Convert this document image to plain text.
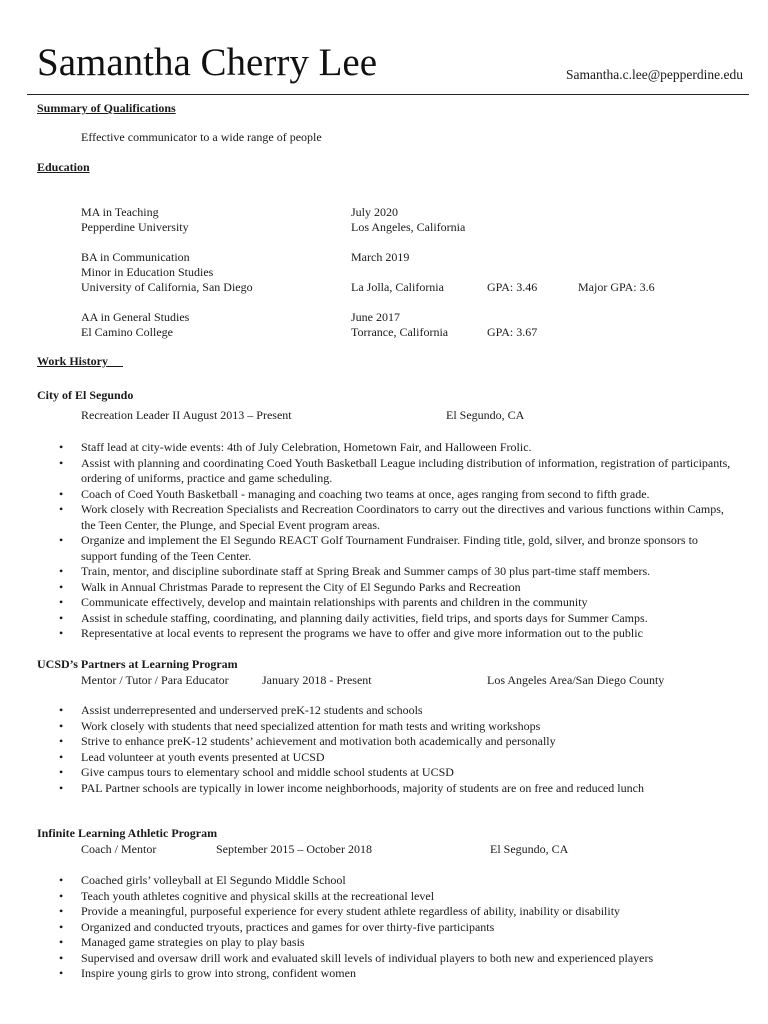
Samantha Cherry Lee	Samantha.c.lee@pepperdine.edu
Summary of Qualifications
Effective communicator to a wide range of people
Education
MA in Teaching	July 2020
Pepperdine University	Los Angeles, California
BA in Communication	March 2019
Minor in Education Studies
University of California, San Diego	La Jolla, California	GPA: 3.46	Major GPA: 3.6
AA in General Studies	June 2017
El Camino College	Torrance, California	GPA: 3.67
Work History
City of El Segundo
Recreation Leader II August 2013 – Present	El Segundo, CA
• Staff lead at city-wide events: 4th of July Celebration, Hometown Fair, and Halloween Frolic.
• Assist with planning and coordinating Coed Youth Basketball League including distribution of information, registration of participants, ordering of uniforms, practice and game scheduling.
• Coach of Coed Youth Basketball - managing and coaching two teams at once, ages ranging from second to fifth grade.
• Work closely with Recreation Specialists and Recreation Coordinators to carry out the directives and various functions within Camps, the Teen Center, the Plunge, and Special Event program areas.
• Organize and implement the El Segundo REACT Golf Tournament Fundraiser. Finding title, gold, silver, and bronze sponsors to support funding of the Teen Center.
• Train, mentor, and discipline subordinate staff at Spring Break and Summer camps of 30 plus part-time staff members.
• Walk in Annual Christmas Parade to represent the City of El Segundo Parks and Recreation
• Communicate effectively, develop and maintain relationships with parents and children in the community
• Assist in schedule staffing, coordinating, and planning daily activities, field trips, and sports days for Summer Camps.
• Representative at local events to represent the programs we have to offer and give more information out to the public
UCSD’s Partners at Learning Program
Mentor / Tutor / Para Educator	January 2018 - Present	Los Angeles Area/San Diego County
• Assist underrepresented and underserved preK-12 students and schools
• Work closely with students that need specialized attention for math tests and writing workshops
• Strive to enhance preK-12 students’ achievement and motivation both academically and personally
• Lead volunteer at youth events presented at UCSD
• Give campus tours to elementary school and middle school students at UCSD
• PAL Partner schools are typically in lower income neighborhoods, majority of students are on free and reduced lunch
Infinite Learning Athletic Program
Coach / Mentor	September 2015 – October 2018	El Segundo, CA
• Coached girls’ volleyball at El Segundo Middle School
• Teach youth athletes cognitive and physical skills at the recreational level
• Provide a meaningful, purposeful experience for every student athlete regardless of ability, inability or disability
• Organized and conducted tryouts, practices and games for over thirty-five participants
• Managed game strategies on play to play basis
• Supervised and oversaw drill work and evaluated skill levels of individual players to both new and experienced players
• Inspire young girls to grow into strong, confident women
